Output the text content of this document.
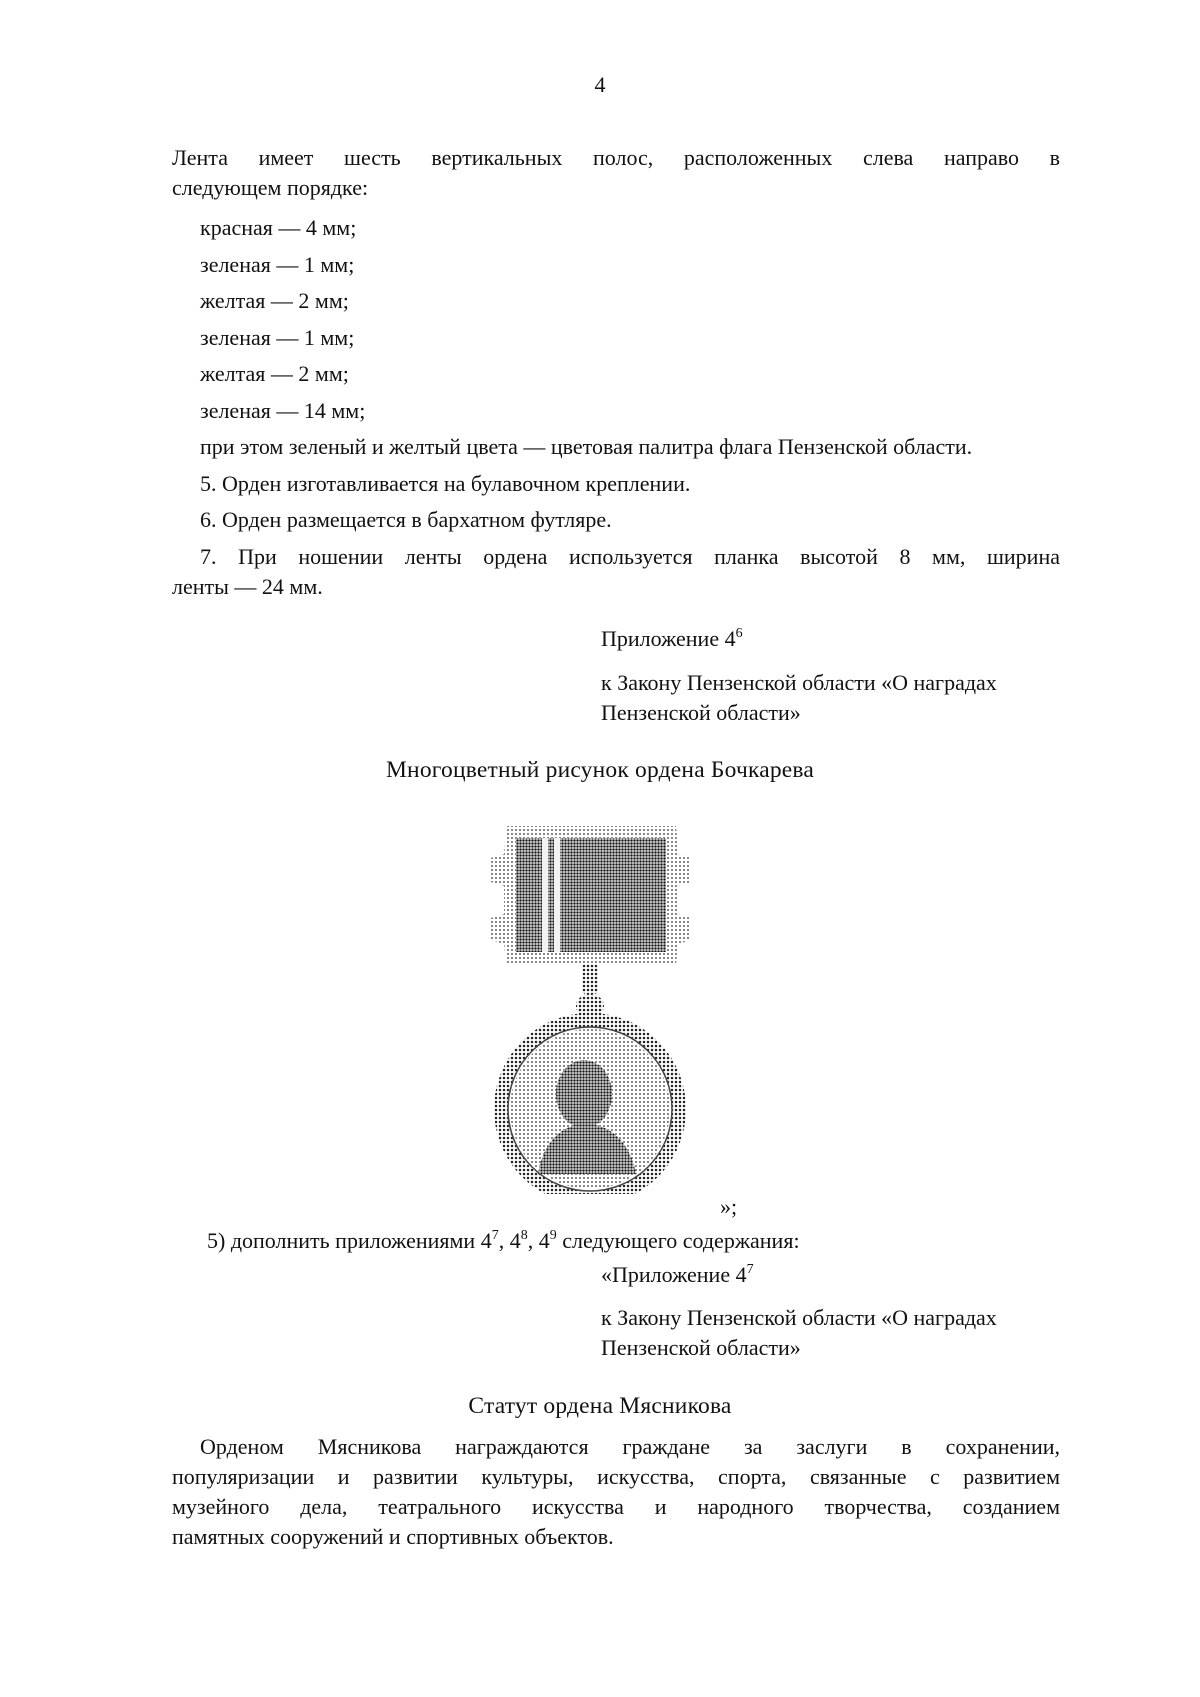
4
Лента имеет шесть вертикальных полос, расположенных слева направо в
следующем порядке:
красная — 4 мм;
зеленая — 1 мм;
желтая — 2 мм;
зеленая — 1 мм;
желтая — 2 мм;
зеленая — 14 мм;
при этом зеленый и желтый цвета — цветовая палитра флага Пензенской области.
5. Орден изготавливается на булавочном креплении.
6. Орден размещается в бархатном футляре.
7. При ношении ленты ордена используется планка высотой 8 мм, ширина
ленты — 24 мм.
Приложение $4^6$
к Закону Пензенской области «О наградах
Пензенской области»
Многоцветный рисунок ордена Бочкарева
»;
5) дополнить приложениями $4^7$, $4^8$, $4^9$ следующего содержания:
«Приложение $4^7$
к Закону Пензенской области «О наградах
Пензенской области»
Статут ордена Мясникова
Орденом Мясникова награждаются граждане за заслуги в сохранении,
популяризации и развитии культуры, искусства, спорта, связанные с развитием
музейного дела, театрального искусства и народного творчества, созданием
памятных сооружений и спортивных объектов.
